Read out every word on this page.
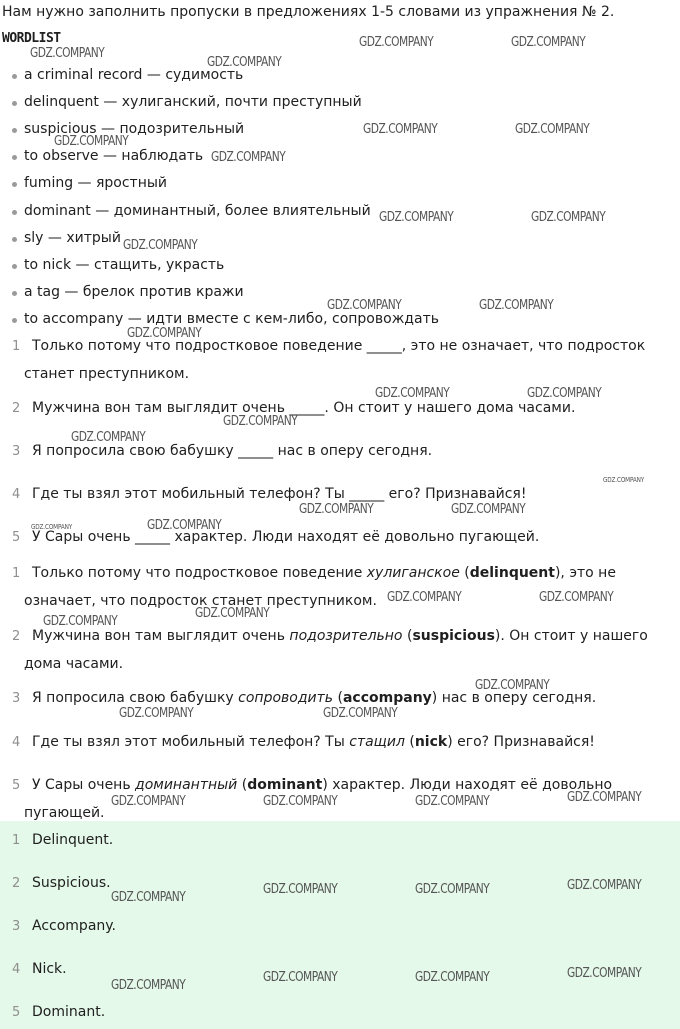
Нам нужно заполнить пропуски в предложениях 1-5 словами из упражнения № 2.
WORDLIST
a criminal record — судимость
delinquent — хулиганский, почти преступный
suspicious — подозрительный
to observe — наблюдать
fuming — яростный
dominant — доминантный, более влиятельный
sly — хитрый
to nick — стащить, украсть
a tag — брелок против кражи
to accompany — идти вместе с кем-либо, сопровождать
1 Только потому что подростковое поведение _____, это не означает, что подросток
станет преступником.
2 Мужчина вон там выглядит очень _____. Он стоит у нашего дома часами.
3 Я попросила свою бабушку _____ нас в оперу сегодня.
4 Где ты взял этот мобильный телефон? Ты _____ его? Признавайся!
5 У Сары очень _____ характер. Люди находят её довольно пугающей.
1 Только потому что подростковое поведение хулиганское (delinquent), это не
означает, что подросток станет преступником.
2 Мужчина вон там выглядит очень подозрительно (suspicious). Он стоит у нашего
дома часами.
3 Я попросила свою бабушку сопроводить (accompany) нас в оперу сегодня.
4 Где ты взял этот мобильный телефон? Ты стащил (nick) его? Признавайся!
5 У Сары очень доминантный (dominant) характер. Люди находят её довольно
пугающей.
1 Delinquent.
2 Suspicious.
3 Accompany.
4 Nick.
5 Dominant.
GDZ.COMPANY
GDZ.COMPANY
GDZ.COMPANY	GDZ.COMPANY
GDZ.COMPANY
GDZ.COMPANY
GDZ.COMPANY	GDZ.COMPANY
GDZ.COMPANY	GDZ.COMPANY
GDZ.COMPANY
GDZ.COMPANY	GDZ.COMPANY
GDZ.COMPANY
GDZ.COMPANY	GDZ.COMPANY
GDZ.COMPANY
GDZ.COMPANY
GDZ.COMPANY
GDZ.COMPANY	GDZ.COMPANY
GDZ.COMPANY	GDZ.COMPANY
GDZ.COMPANY	GDZ.COMPANY
GDZ.COMPANY
GDZ.COMPANY
GDZ.COMPANY
GDZ.COMPANY	GDZ.COMPANY
GDZ.COMPANY
GDZ.COMPANY	GDZ.COMPANY	GDZ.COMPANY
GDZ.COMPANY	GDZ.COMPANY	GDZ.COMPANY
GDZ.COMPANY
GDZ.COMPANY	GDZ.COMPANY	GDZ.COMPANY
GDZ.COMPANY
